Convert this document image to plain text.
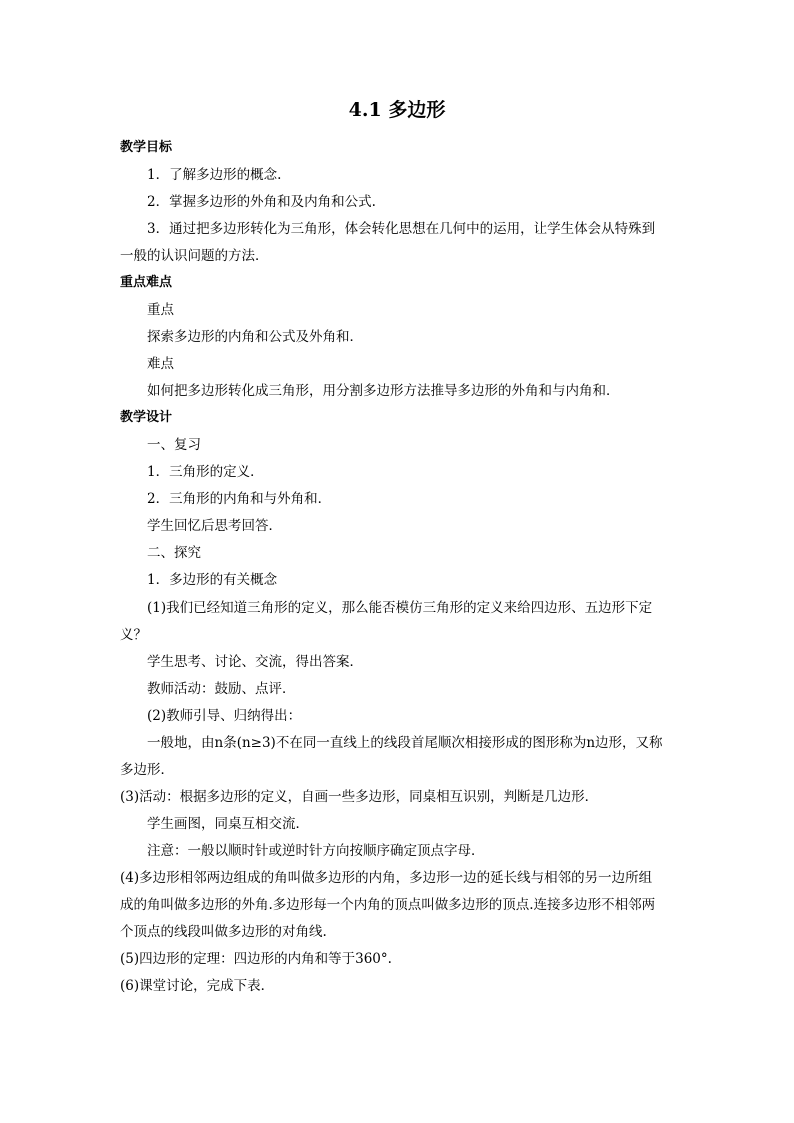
4.1 多边形
教学目标
1．了解多边形的概念.
2．掌握多边形的外角和及内角和公式.
3．通过把多边形转化为三角形，体会转化思想在几何中的运用，让学生体会从特殊到
一般的认识问题的方法．
重点难点
重点
探索多边形的内角和公式及外角和．
难点
如何把多边形转化成三角形，用分割多边形方法推导多边形的外角和与内角和．
教学设计
一、复习
1．三角形的定义．
2．三角形的内角和与外角和．
学生回忆后思考回答．
二、探究
1．多边形的有关概念
(1)我们已经知道三角形的定义，那么能否模仿三角形的定义来给四边形、五边形下定
义？
学生思考、讨论、交流，得出答案．
教师活动：鼓励、点评．
(2)教师引导、归纳得出：
一般地，由n条(n≥3)不在同一直线上的线段首尾顺次相接形成的图形称为n边形，又称
多边形．
(3)活动：根据多边形的定义，自画一些多边形，同桌相互识别，判断是几边形．
学生画图，同桌互相交流．
注意：一般以顺时针或逆时针方向按顺序确定顶点字母．
(4)多边形相邻两边组成的角叫做多边形的内角，多边形一边的延长线与相邻的另一边所组
成的角叫做多边形的外角.多边形每一个内角的顶点叫做多边形的顶点.连接多边形不相邻两
个顶点的线段叫做多边形的对角线.
(5)四边形的定理：四边形的内角和等于360°.
(6)课堂讨论，完成下表．
